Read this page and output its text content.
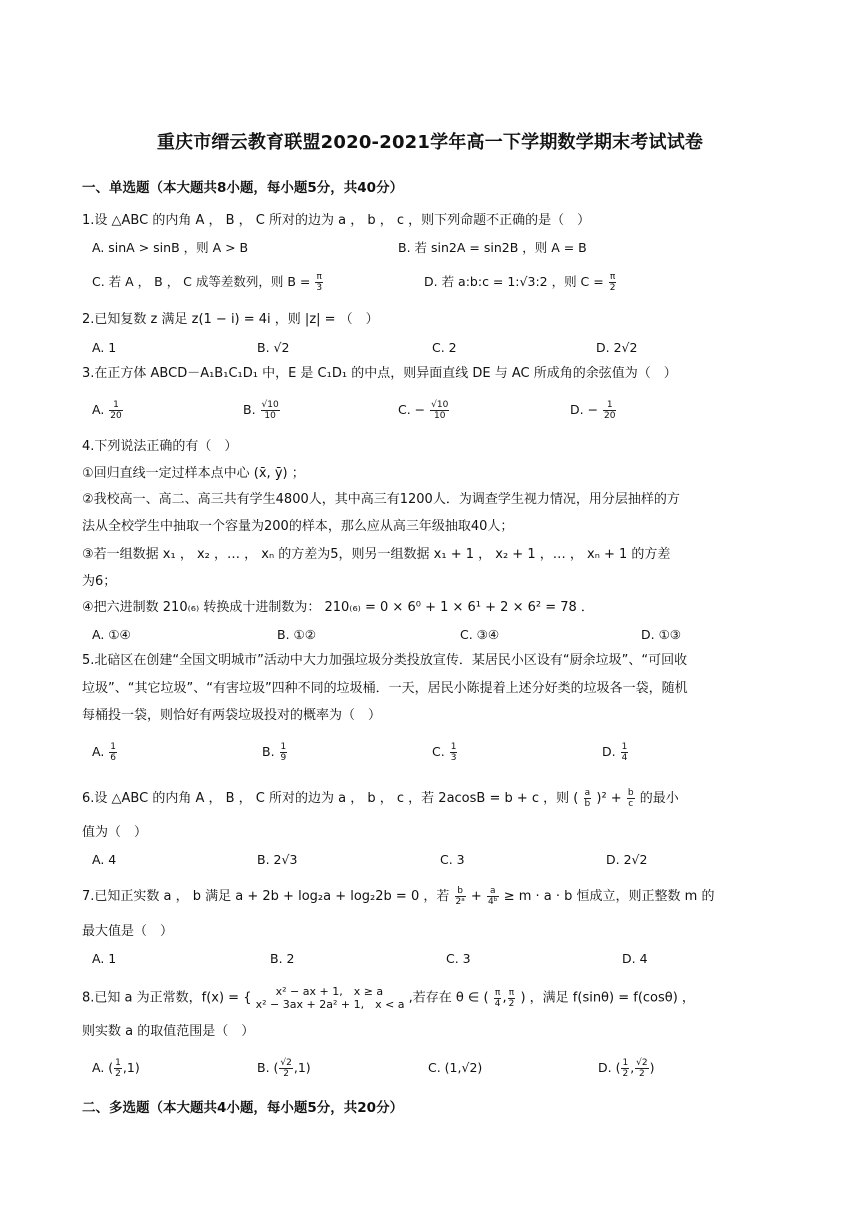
重庆市缙云教育联盟2020-2021学年高一下学期数学期末考试试卷
一、单选题（本大题共8小题，每小题5分，共40分）
1.设 △ABC 的内角 A ， B ， C 所对的边为 a ， b ， c ，则下列命题不正确的是（　）
A. sinA > sinB ，则 A > B	B. 若 sin2A = sin2B ，则 A = B
C. 若 A ， B ， C 成等差数列，则 $B = \frac{\pi}{3}$	D. 若 a:b:c = 1:√3:2 ，则 $C = \frac{\pi}{2}$
2.已知复数 z 满足 z(1 − i) = 4i ，则 |z| = （　）
A. 1	B. √2	C. 2	D. 2√2
3.在正方体 ABCD－A₁B₁C₁D₁ 中，E 是 C₁D₁ 的中点，则异面直线 DE 与 AC 所成角的余弦值为（　）
A. $\frac{1}{20}$	B. $\frac{√10}{10}$	C. − $\frac{√10}{10}$	D. − $\frac{1}{20}$
4.下列说法正确的有（　）
①回归直线一定过样本点中心 (x̄, ȳ) ；
②我校高一、高二、高三共有学生4800人，其中高三有1200人．为调查学生视力情况，用分层抽样的方
法从全校学生中抽取一个容量为200的样本，那么应从高三年级抽取40人；
③若一组数据 x₁ ， x₂ ，… ， xₙ 的方差为5，则另一组数据 x₁ + 1 ， x₂ + 1 ，… ， xₙ + 1 的方差
为6；
④把六进制数 210₍₆₎ 转换成十进制数为： 210₍₆₎ = 0 × 6⁰ + 1 × 6¹ + 2 × 6² = 78 ．
A. ①④	B. ①②	C. ③④	D. ①③
5.北碚区在创建“全国文明城市”活动中大力加强垃圾分类投放宣传．某居民小区设有“厨余垃圾”、“可回收
垃圾”、“其它垃圾”、“有害垃圾”四种不同的垃圾桶．一天，居民小陈提着上述分好类的垃圾各一袋，随机
每桶投一袋，则恰好有两袋垃圾投对的概率为（　）
A. $\frac{1}{6}$	B. $\frac{1}{9}$	C. $\frac{1}{3}$	D. $\frac{1}{4}$
6.设 △ABC 的内角 A ， B ， C 所对的边为 a ， b ， c ，若 2acosB = b + c ，则 ( $\frac{a}{b} )^2 + \frac{b}{c}$ 的最小
值为（　）
A. 4	B. 2√3	C. 3	D. 2√2
7.已知正实数 a ， b 满足 a + 2b + log₂a + log₂2b = 0 ，若 $\frac{b}{\text{2ᵃ}} + \frac{a}{\text{4ᵇ}} \ge m \cdot a \cdot b$ 恒成立，则正整数 m 的
最大值是（　）
A. 1	B. 2	C. 3	D. 4
8.已知 a 为正常数，f(x) = {	x² − ax + 1,　x ≥ a
x² − 3ax + 2a² + 1,　x < a ,若存在 θ ∈ ( $\frac{\pi}{4}$ , $\frac{\pi}{2}$ ) ，满足 f(sinθ) = f(cosθ) ，
则实数 a 的取值范围是（　）
A. ( $\frac{1}{2} ,1$)	B. ( $\frac{√2}{2} ,1$)	C. (1,√2)	D. ( $\frac{1}{2}$ , $\frac{√2}{2}$ )
二、多选题（本大题共4小题，每小题5分，共20分）
